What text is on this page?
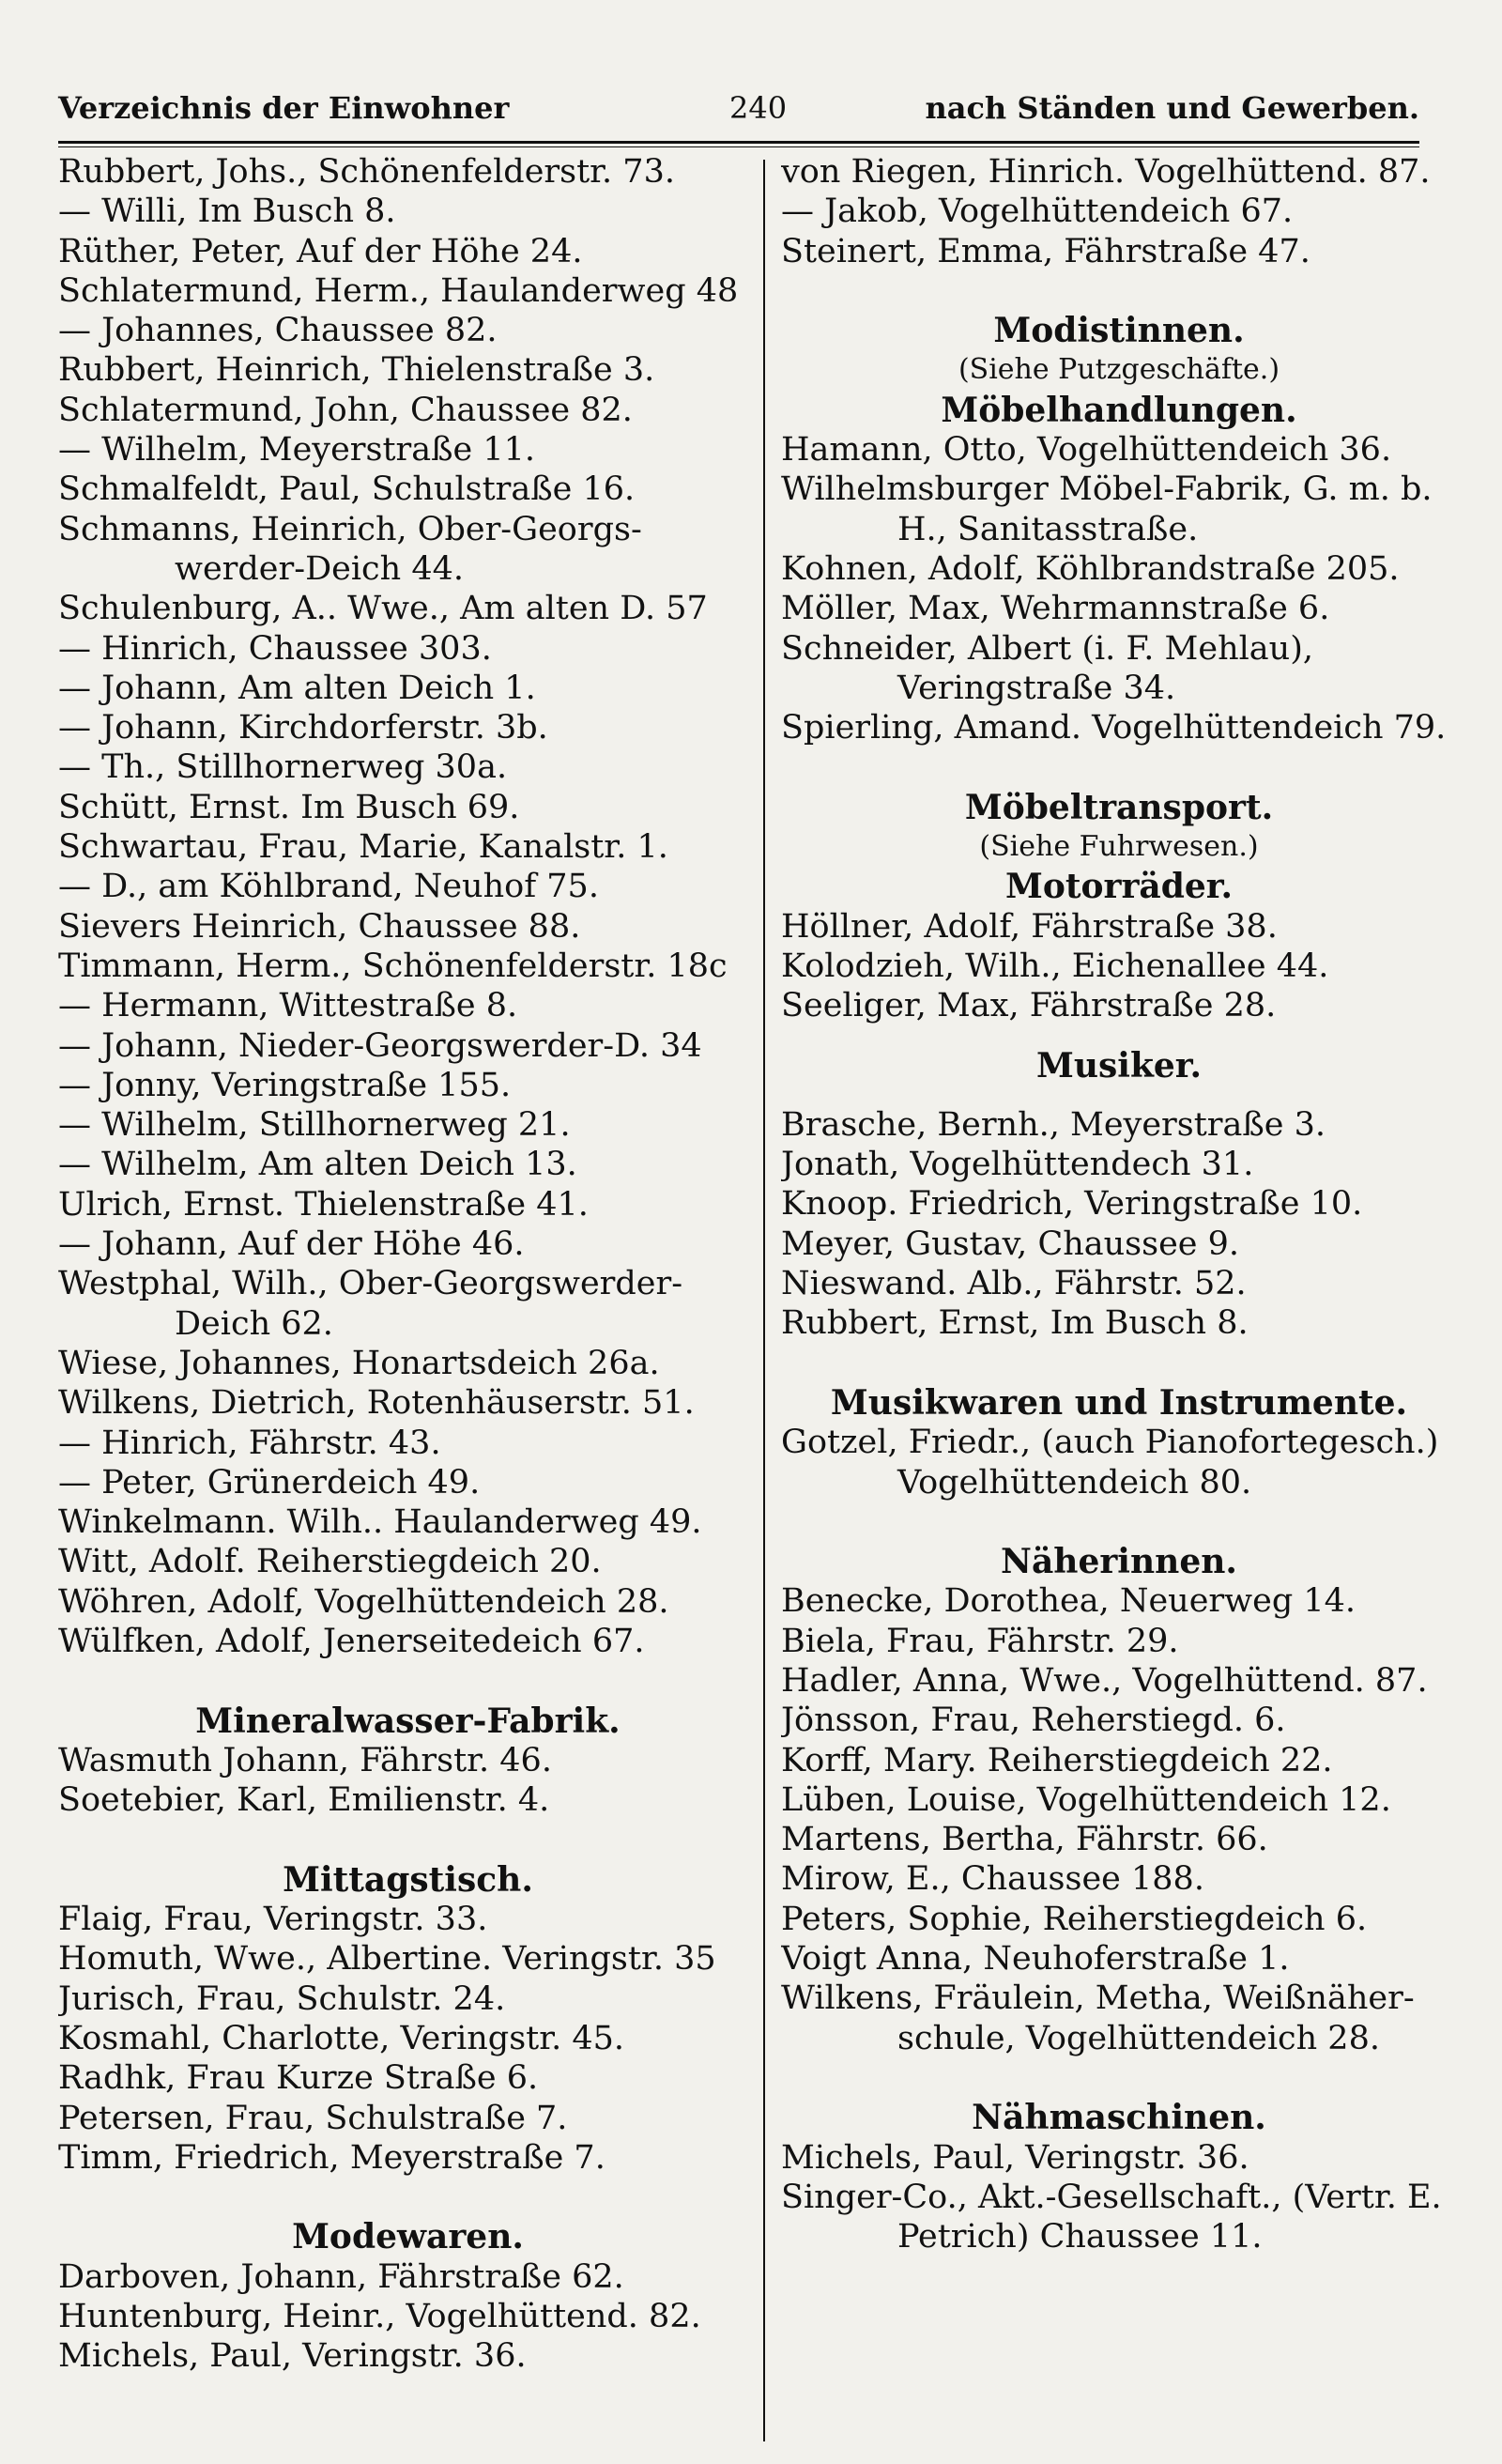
Verzeichnis der Einwohner	240	nach Ständen und Gewerben.
Rubbert, Johs., Schönenfelderstr. 73.
— Willi, Im Busch 8.
Rüther, Peter, Auf der Höhe 24.
Schlatermund, Herm., Haulanderweg 48
— Johannes, Chaussee 82.
Rubbert, Heinrich, Thielenstraße 3.
Schlatermund, John, Chaussee 82.
— Wilhelm, Meyerstraße 11.
Schmalfeldt, Paul, Schulstraße 16.
Schmanns, Heinrich, Ober-Georgs-
werder-Deich 44.
Schulenburg, A.. Wwe., Am alten D. 57
— Hinrich, Chaussee 303.
— Johann, Am alten Deich 1.
— Johann, Kirchdorferstr. 3b.
— Th., Stillhornerweg 30a.
Schütt, Ernst. Im Busch 69.
Schwartau, Frau, Marie, Kanalstr. 1.
— D., am Köhlbrand, Neuhof 75.
Sievers Heinrich, Chaussee 88.
Timmann, Herm., Schönenfelderstr. 18c
— Hermann, Wittestraße 8.
— Johann, Nieder-Georgswerder-D. 34
— Jonny, Veringstraße 155.
— Wilhelm, Stillhornerweg 21.
— Wilhelm, Am alten Deich 13.
Ulrich, Ernst. Thielenstraße 41.
— Johann, Auf der Höhe 46.
Westphal, Wilh., Ober-Georgswerder-
Deich 62.
Wiese, Johannes, Honartsdeich 26a.
Wilkens, Dietrich, Rotenhäuserstr. 51.
— Hinrich, Fährstr. 43.
— Peter, Grünerdeich 49.
Winkelmann. Wilh.. Haulanderweg 49.
Witt, Adolf. Reiherstiegdeich 20.
Wöhren, Adolf, Vogelhüttendeich 28.
Wülfken, Adolf, Jenerseitedeich 67.
Mineralwasser-Fabrik.
Wasmuth Johann, Fährstr. 46.
Soetebier, Karl, Emilienstr. 4.
Mittagstisch.
Flaig, Frau, Veringstr. 33.
Homuth, Wwe., Albertine. Veringstr. 35
Jurisch, Frau, Schulstr. 24.
Kosmahl, Charlotte, Veringstr. 45.
Radhk, Frau Kurze Straße 6.
Petersen, Frau, Schulstraße 7.
Timm, Friedrich, Meyerstraße 7.
Modewaren.
Darboven, Johann, Fährstraße 62.
Huntenburg, Heinr., Vogelhüttend. 82.
Michels, Paul, Veringstr. 36.
von Riegen, Hinrich. Vogelhüttend. 87.
— Jakob, Vogelhüttendeich 67.
Steinert, Emma, Fährstraße 47.
Modistinnen.
(Siehe Putzgeschäfte.)
Möbelhandlungen.
Hamann, Otto, Vogelhüttendeich 36.
Wilhelmsburger Möbel-Fabrik, G. m. b.
H., Sanitasstraße.
Kohnen, Adolf, Köhlbrandstraße 205.
Möller, Max, Wehrmannstraße 6.
Schneider, Albert (i. F. Mehlau),
Veringstraße 34.
Spierling, Amand. Vogelhüttendeich 79.
Möbeltransport.
(Siehe Fuhrwesen.)
Motorräder.
Höllner, Adolf, Fährstraße 38.
Kolodzieh, Wilh., Eichenallee 44.
Seeliger, Max, Fährstraße 28.
Musiker.
Brasche, Bernh., Meyerstraße 3.
Jonath, Vogelhüttendech 31.
Knoop. Friedrich, Veringstraße 10.
Meyer, Gustav, Chaussee 9.
Nieswand. Alb., Fährstr. 52.
Rubbert, Ernst, Im Busch 8.
Musikwaren und Instrumente.
Gotzel, Friedr., (auch Pianofortegesch.)
Vogelhüttendeich 80.
Näherinnen.
Benecke, Dorothea, Neuerweg 14.
Biela, Frau, Fährstr. 29.
Hadler, Anna, Wwe., Vogelhüttend. 87.
Jönsson, Frau, Reherstiegd. 6.
Korff, Mary. Reiherstiegdeich 22.
Lüben, Louise, Vogelhüttendeich 12.
Martens, Bertha, Fährstr. 66.
Mirow, E., Chaussee 188.
Peters, Sophie, Reiherstiegdeich 6.
Voigt Anna, Neuhoferstraße 1.
Wilkens, Fräulein, Metha, Weißnäher-
schule, Vogelhüttendeich 28.
Nähmaschinen.
Michels, Paul, Veringstr. 36.
Singer-Co., Akt.-Gesellschaft., (Vertr. E.
Petrich) Chaussee 11.
